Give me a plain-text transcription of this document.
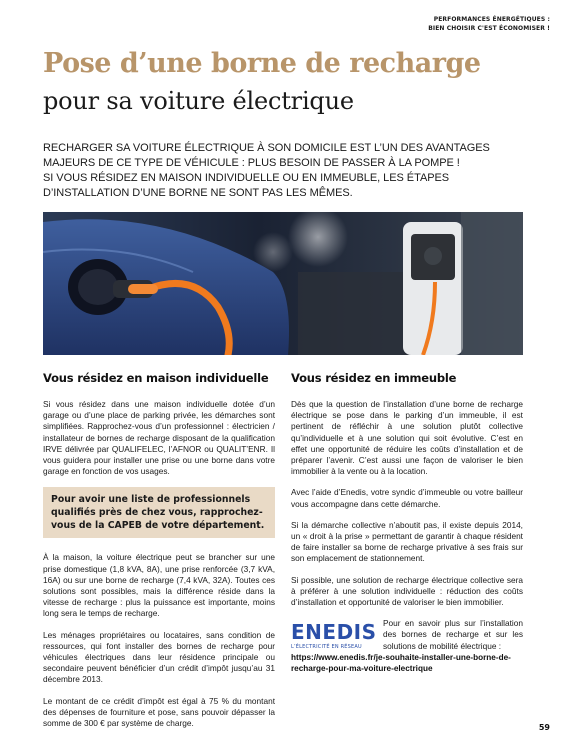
PERFORMANCES ÉNERGÉTIQUES :
BIEN CHOISIR C'EST ÉCONOMISER !
Pose d’une borne de recharge
pour sa voiture électrique

RECHARGER SA VOITURE ÉLECTRIQUE À SON DOMICILE EST L’UN DES AVANTAGES MAJEURS DE CE TYPE DE VÉHICULE : PLUS BESOIN DE PASSER À LA POMPE !

SI VOUS RÉSIDEZ EN MAISON INDIVIDUELLE OU EN IMMEUBLE, LES ÉTAPES D’INSTALLATION D’UNE BORNE NE SONT PAS LES MÊMES.

Vous résidez en maison individuelle

Si vous résidez dans une maison individuelle dotée d’un garage ou d’une place de parking privée, les démarches sont simplifiées. Rapprochez-vous d’un professionnel : électricien / installateur de bornes de recharge disposant de la qualification IRVE délivrée par QUALIFELEC, l’AFNOR ou QUALIT’ENR. Il vous guidera pour installer une prise ou une borne dans votre garage en fonction de vos usages.

Pour avoir une liste de professionnels qualifiés près de chez vous, rapprochez-vous de la CAPEB de votre département.

À la maison, la voiture électrique peut se brancher sur une prise domestique (1,8 kVA, 8A), une prise renforcée (3,7 kVA, 16A) ou sur une borne de recharge (7,4 kVA, 32A). Toutes ces solutions sont possibles, mais la différence réside dans la vitesse de recharge : plus la puissance est importante, moins long sera le temps de recharge.

Les ménages propriétaires ou locataires, sans condition de ressources, qui font installer des bornes de recharge pour véhicules électriques dans leur résidence principale ou secondaire peuvent bénéficier d’un crédit d’impôt jusqu’au 31 décembre 2013.

Le montant de ce crédit d’impôt est égal à 75 % du montant des dépenses de fourniture et pose, sans pouvoir dépasser la somme de 300 € par système de charge.

Vous résidez en immeuble

Dès que la question de l’installation d’une borne de recharge électrique se pose dans le parking d’un immeuble, il est pertinent de réfléchir à une solution plutôt collective qu’individuelle et à une solution qui soit évolutive. C’est en effet une opportunité de réduire les coûts d’installation et de préparer l’avenir. C’est aussi une façon de valoriser le bien immobilier à la vente ou à la location.

Avec l’aide d’Enedis, votre syndic d’immeuble ou votre bailleur vous accompagne dans cette démarche.

Si la démarche collective n’aboutit pas, il existe depuis 2014, un « droit à la prise » permettant de garantir à chaque résident de faire installer sa borne de recharge privative à ses frais sur son emplacement de stationnement.

Si possible, une solution de recharge électrique collective sera à préférer à une solution individuelle : réduction des coûts d’installation et opportunité de valoriser le bien immobilier.

ENEDIS
L’ÉLECTRICITÉ EN RÉSEAU
Pour en savoir plus sur l’installation des bornes de recharge et sur les solutions de mobilité électrique :
https://www.enedis.fr/je-souhaite-installer-une-borne-de-recharge-pour-ma-voiture-electrique
59
